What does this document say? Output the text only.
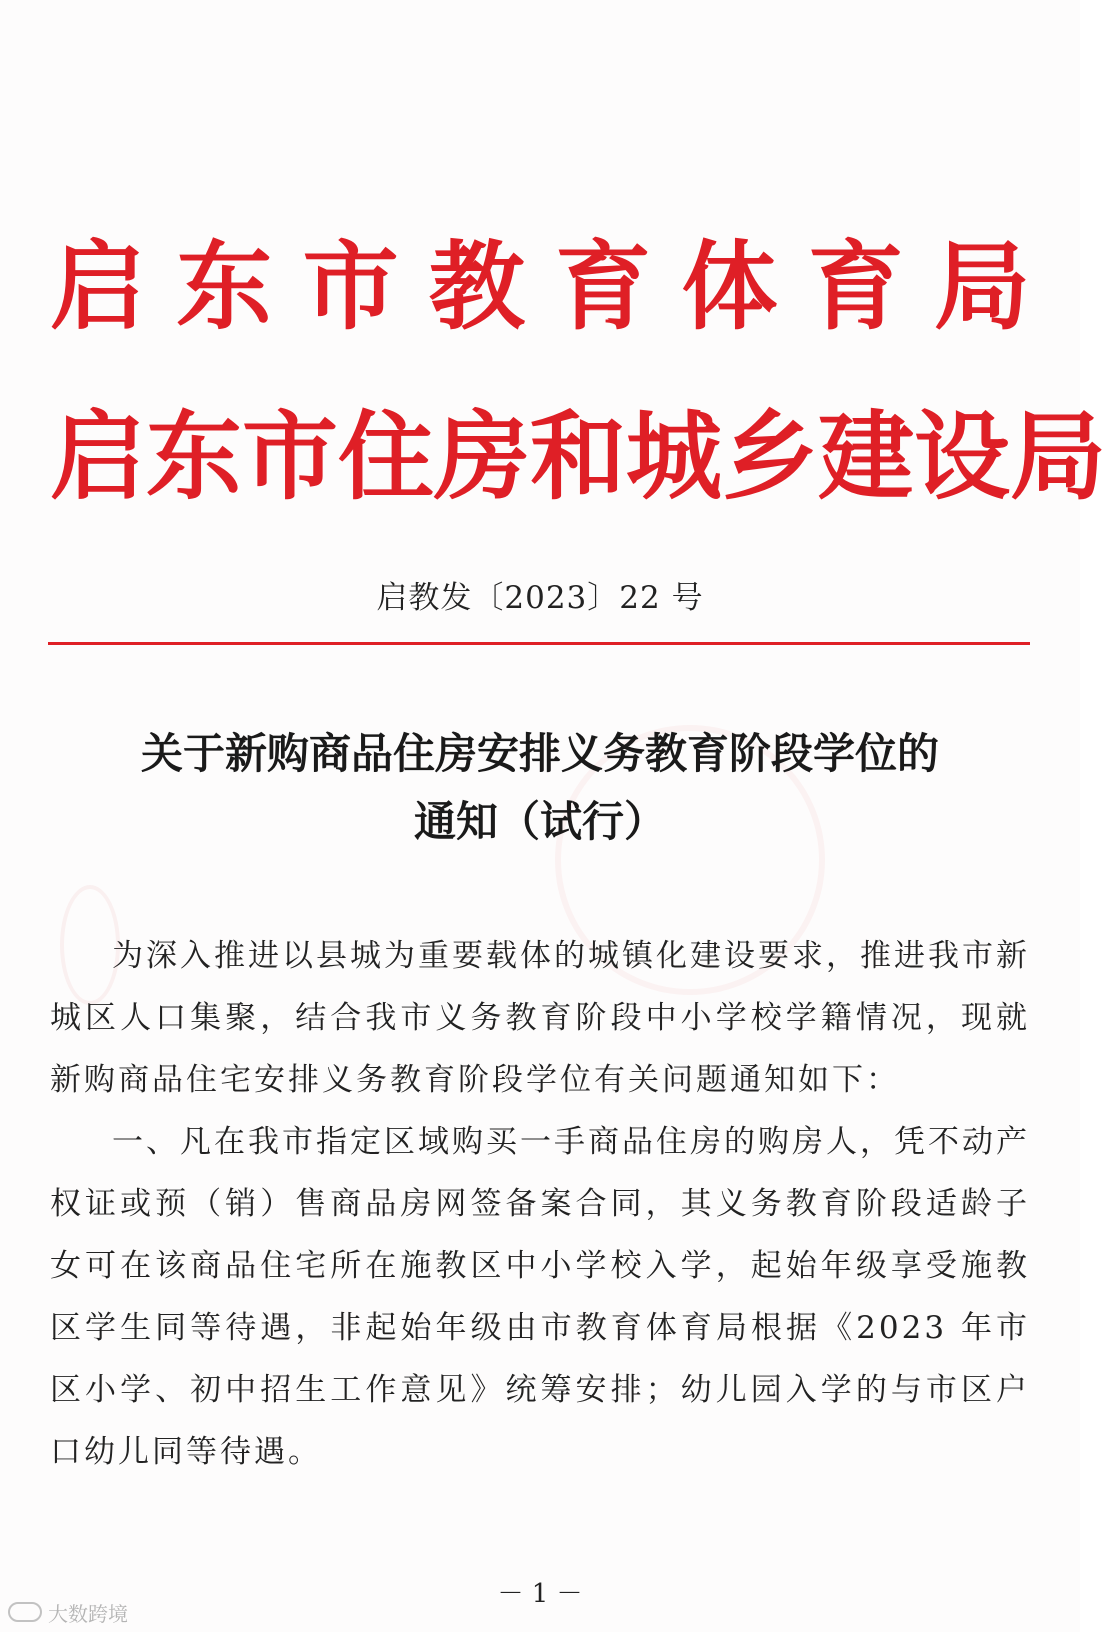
启 东 市 教 育 体 育 局
启 东 市 住 房 和 城 乡 建 设 局
启教发〔2023〕22 号
关于新购商品住房安排义务教育阶段学位的
通知（试行）

为深入推进以县城为重要载体的城镇化建设要求，推进我市新城区人口集聚，结合我市义务教育阶段中小学校学籍情况，现就新购商品住宅安排义务教育阶段学位有关问题通知如下：

一、凡在我市指定区域购买一手商品住房的购房人，凭不动产权证或预（销）售商品房网签备案合同，其义务教育阶段适龄子女可在该商品住宅所在施教区中小学校入学，起始年级享受施教区学生同等待遇，非起始年级由市教育体育局根据《2023 年市区小学、初中招生工作意见》统筹安排；幼儿园入学的与市区户口幼儿同等待遇。

－ 1 －
大数跨境
